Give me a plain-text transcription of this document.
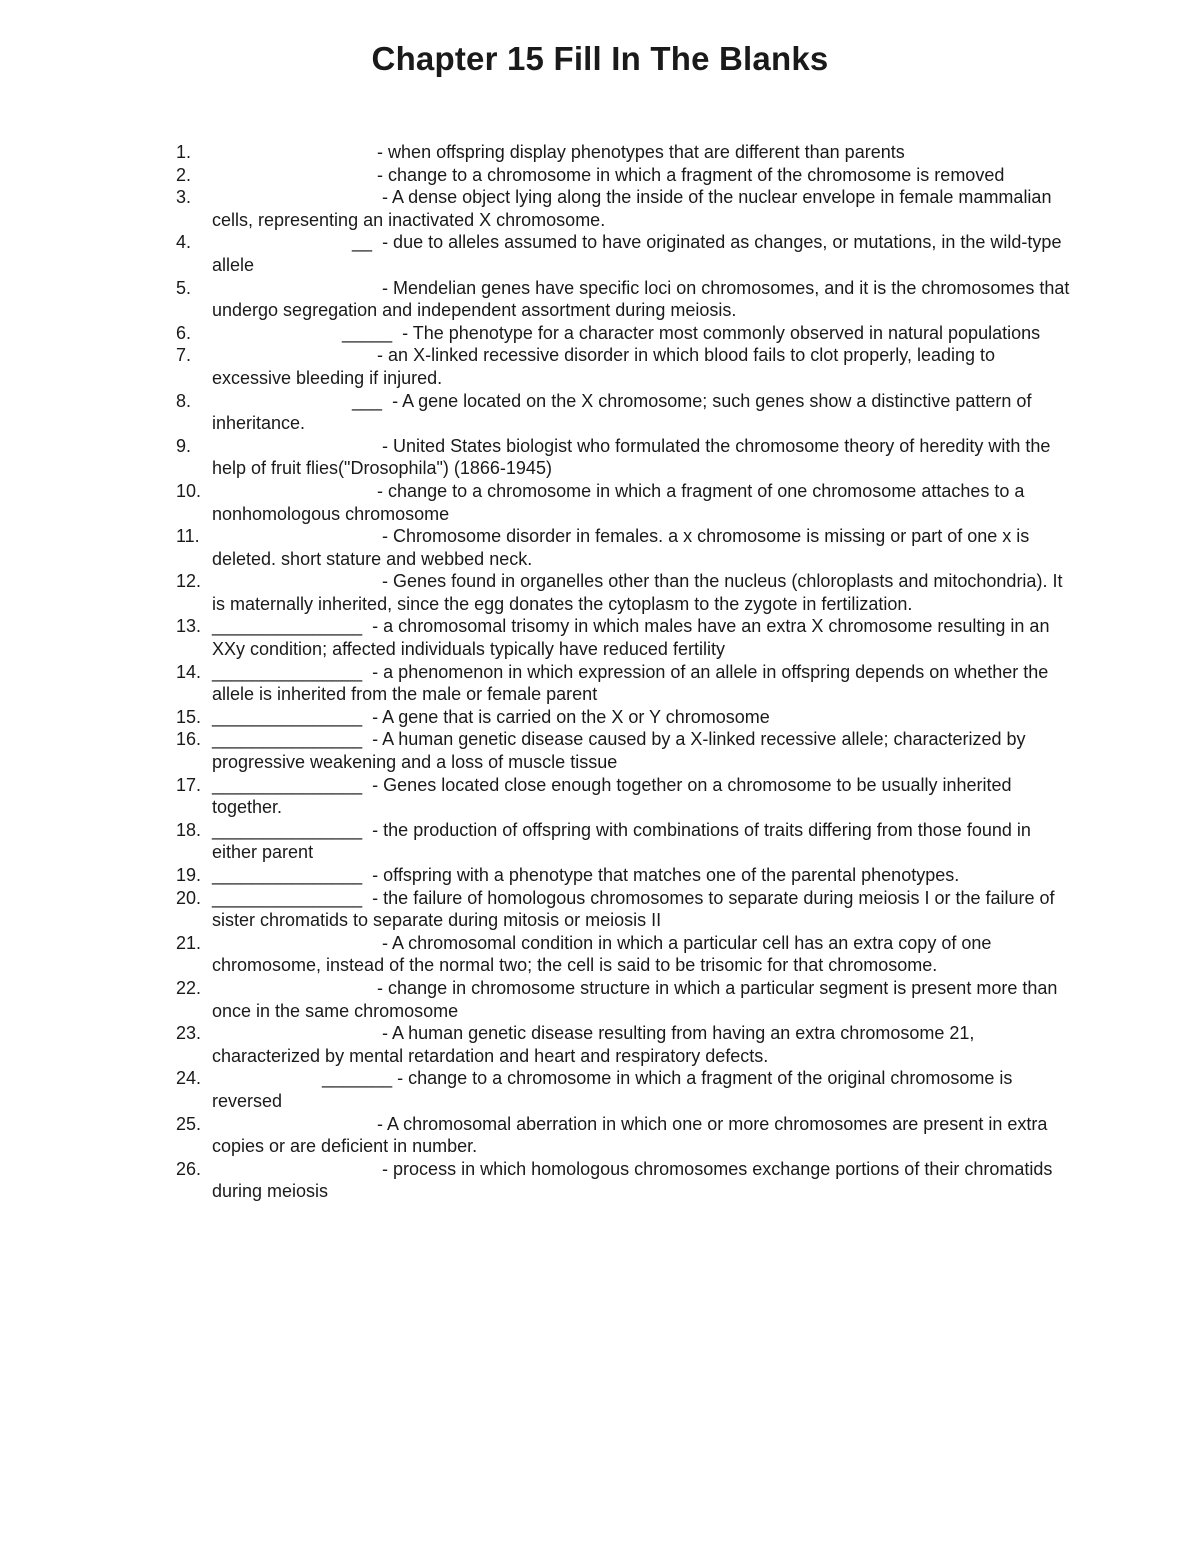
Chapter 15 Fill In The Blanks
1.	- when offspring display phenotypes that are different than parents
2.	- change to a chromosome in which a fragment of the chromosome is removed
3.	- A dense object lying along the inside of the nuclear envelope in female mammalian cells, representing an inactivated X chromosome.
4. __  - due to alleles assumed to have originated as changes, or mutations, in the wild-type allele
5.	- Mendelian genes have specific loci on chromosomes, and it is the chromosomes that undergo segregation and independent assortment during meiosis.
6. _____  - The phenotype for a character most commonly observed in natural populations
7.	- an X-linked recessive disorder in which blood fails to clot properly, leading to excessive bleeding if injured.
8. ___  - A gene located on the X chromosome; such genes show a distinctive pattern of inheritance.
9.	- United States biologist who formulated the chromosome theory of heredity with the help of fruit flies("Drosophila") (1866-1945)
10.	- change to a chromosome in which a fragment of one chromosome attaches to a nonhomologous chromosome
11.	- Chromosome disorder in females. a x chromosome is missing or part of one x is deleted. short stature and webbed neck.
12.	- Genes found in organelles other than the nucleus (chloroplasts and mitochondria). It is maternally inherited, since the egg donates the cytoplasm to the zygote in fertilization.
13. _______________  - a chromosomal trisomy in which males have an extra X chromosome resulting in an XXy condition; affected individuals typically have reduced fertility
14. _______________  - a phenomenon in which expression of an allele in offspring depends on whether the allele is inherited from the male or female parent
15. _______________  - A gene that is carried on the X or Y chromosome
16. _______________  - A human genetic disease caused by a X-linked recessive allele; characterized by progressive weakening and a loss of muscle tissue
17. _______________  - Genes located close enough together on a chromosome to be usually inherited together.
18. _______________  - the production of offspring with combinations of traits differing from those found in either parent
19. _______________  - offspring with a phenotype that matches one of the parental phenotypes.
20. _______________  - the failure of homologous chromosomes to separate during meiosis I or the failure of sister chromatids to separate during mitosis or meiosis II
21.	- A chromosomal condition in which a particular cell has an extra copy of one chromosome, instead of the normal two; the cell is said to be trisomic for that chromosome.
22.	- change in chromosome structure in which a particular segment is present more than once in the same chromosome
23.	- A human genetic disease resulting from having an extra chromosome 21, characterized by mental retardation and heart and respiratory defects.
24. _______ - change to a chromosome in which a fragment of the original chromosome is reversed
25.	- A chromosomal aberration in which one or more chromosomes are present in extra copies or are deficient in number.
26.	- process in which homologous chromosomes exchange portions of their chromatids during meiosis
